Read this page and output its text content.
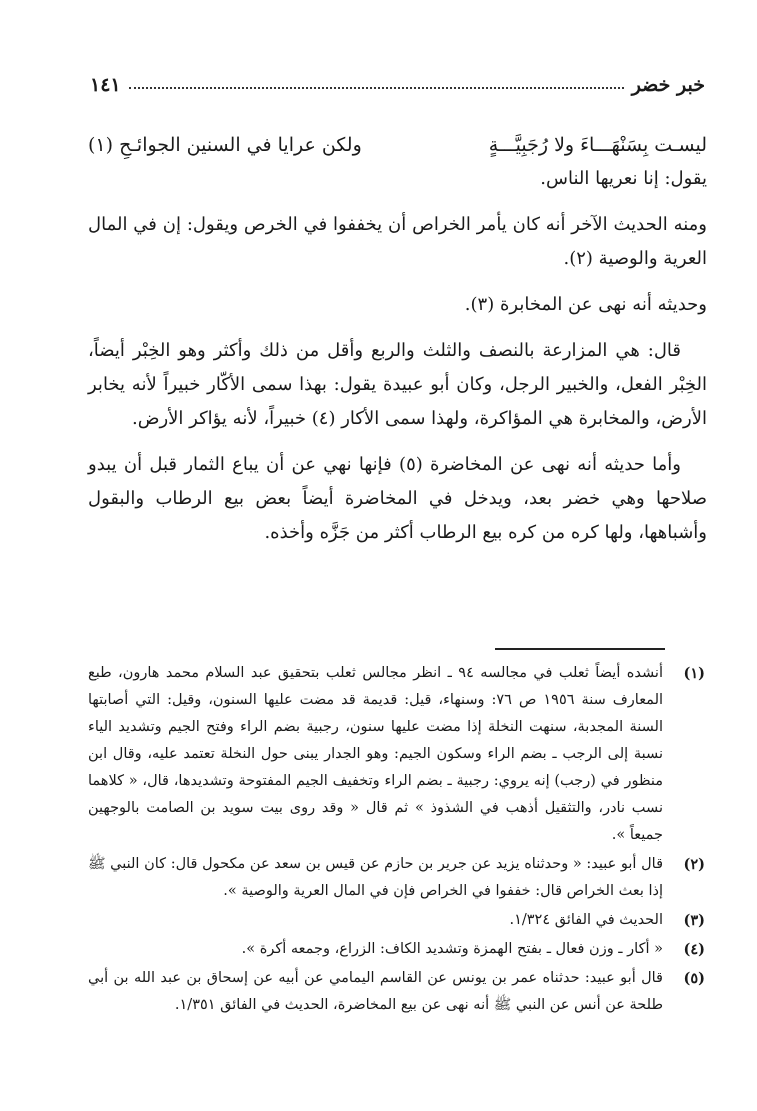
خبر خضر
١٤١
ليسـت بِسَنْهَـــاءَ ولا رُجَبِيَّـــةٍ
ولكن عرايا في السنين الجوائـحِ (١)

يقول: إنا نعريها الناس.

ومنه الحديث الآخر أنه كان يأمر الخراص أن يخففوا في الخرص ويقول: إن في المال العرية والوصية (٢).

وحديثه أنه نهى عن المخابرة (٣).

قال: هي المزارعة بالنصف والثلث والربع وأقل من ذلك وأكثر وهو الخِبْر أيضاً، الخِبْر الفعل، والخبير الرجل، وكان أبو عبيدة يقول: بهذا سمى الأكّار خبيراً لأنه يخابر الأرض، والمخابرة هي المؤاكرة، ولهذا سمى الأكار (٤) خبيراً، لأنه يؤاكر الأرض.

وأما حديثه أنه نهى عن المخاضرة (٥) فإنها نهي عن أن يباع الثمار قبل أن يبدو صلاحها وهي خضر بعد، ويدخل في المخاضرة أيضاً بعض بيع الرطاب والبقول وأشباهها، ولها كره من كره بيع الرطاب أكثر من جَزَّه وأخذه.

(١)
أنشده أيضاً ثعلب في مجالسه ٩٤ ـ انظر مجالس ثعلب بتحقيق عبد السلام محمد هارون، طبع المعارف سنة ١٩٥٦ ص ٧٦: وسنهاء، قيل: قديمة قد مضت عليها السنون، وقيل: التي أصابتها السنة المجدبة، سنهت النخلة إذا مضت عليها سنون، رجبية بضم الراء وفتح الجيم وتشديد الياء نسبة إلى الرجب ـ بضم الراء وسكون الجيم: وهو الجدار يبنى حول النخلة تعتمد عليه، وقال ابن منظور في (رجب) إنه يروي: رجبية ـ بضم الراء وتخفيف الجيم المفتوحة وتشديدها، قال، « كلاهما نسب نادر، والتثقيل أذهب في الشذوذ » ثم قال « وقد روى بيت سويد بن الصامت بالوجهين جميعاً ».
(٢)
قال أبو عبيد: « وحدثناه يزيد عن جرير بن حازم عن قيس بن سعد عن مكحول قال: كان النبي ﷺ إذا بعث الخراص قال: خففوا في الخراص فإن في المال العرية والوصية ».
(٣)
الحديث في الفائق ١/٣٢٤.
(٤)
« أكار ـ وزن فعال ـ بفتح الهمزة وتشديد الكاف: الزراع، وجمعه أكرة ».
(٥)
قال أبو عبيد: حدثناه عمر بن يونس عن القاسم اليمامي عن أبيه عن إسحاق بن عبد الله بن أبي طلحة عن أنس عن النبي ﷺ أنه نهى عن بيع المخاضرة، الحديث في الفائق ١/٣٥١.
